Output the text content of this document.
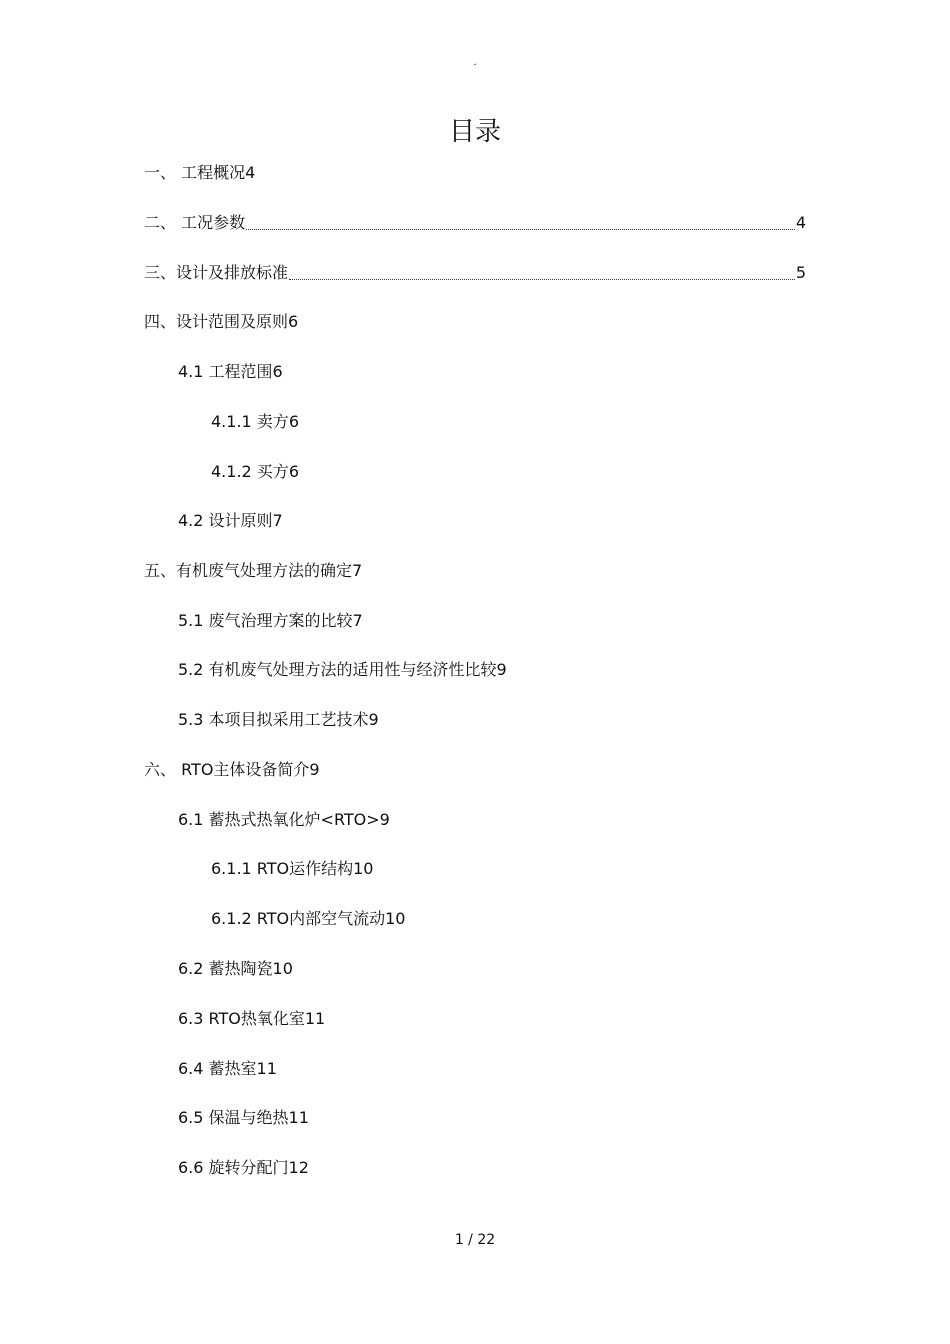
.
目录
一、 工程概况 4
二、 工况参数	4
三、设计及排放标准	5
四、设计范围及原则 6
4.1 工程范围 6
4.1.1 卖方 6
4.1.2 买方 6
4.2 设计原则 7
五、有机废气处理方法的确定 7
5.1 废气治理方案的比较 7
5.2 有机废气处理方法的适用性与经济性比较 9
5.3 本项目拟采用工艺技术 9
六、 RTO主体设备简介 9
6.1 蓄热式热氧化炉<RTO> 9
6.1.1 RTO运作结构 10
6.1.2 RTO内部空气流动 10
6.2 蓄热陶瓷 10
6.3 RTO热氧化室 11
6.4 蓄热室 11
6.5 保温与绝热 11
6.6 旋转分配门 12
1 / 22
